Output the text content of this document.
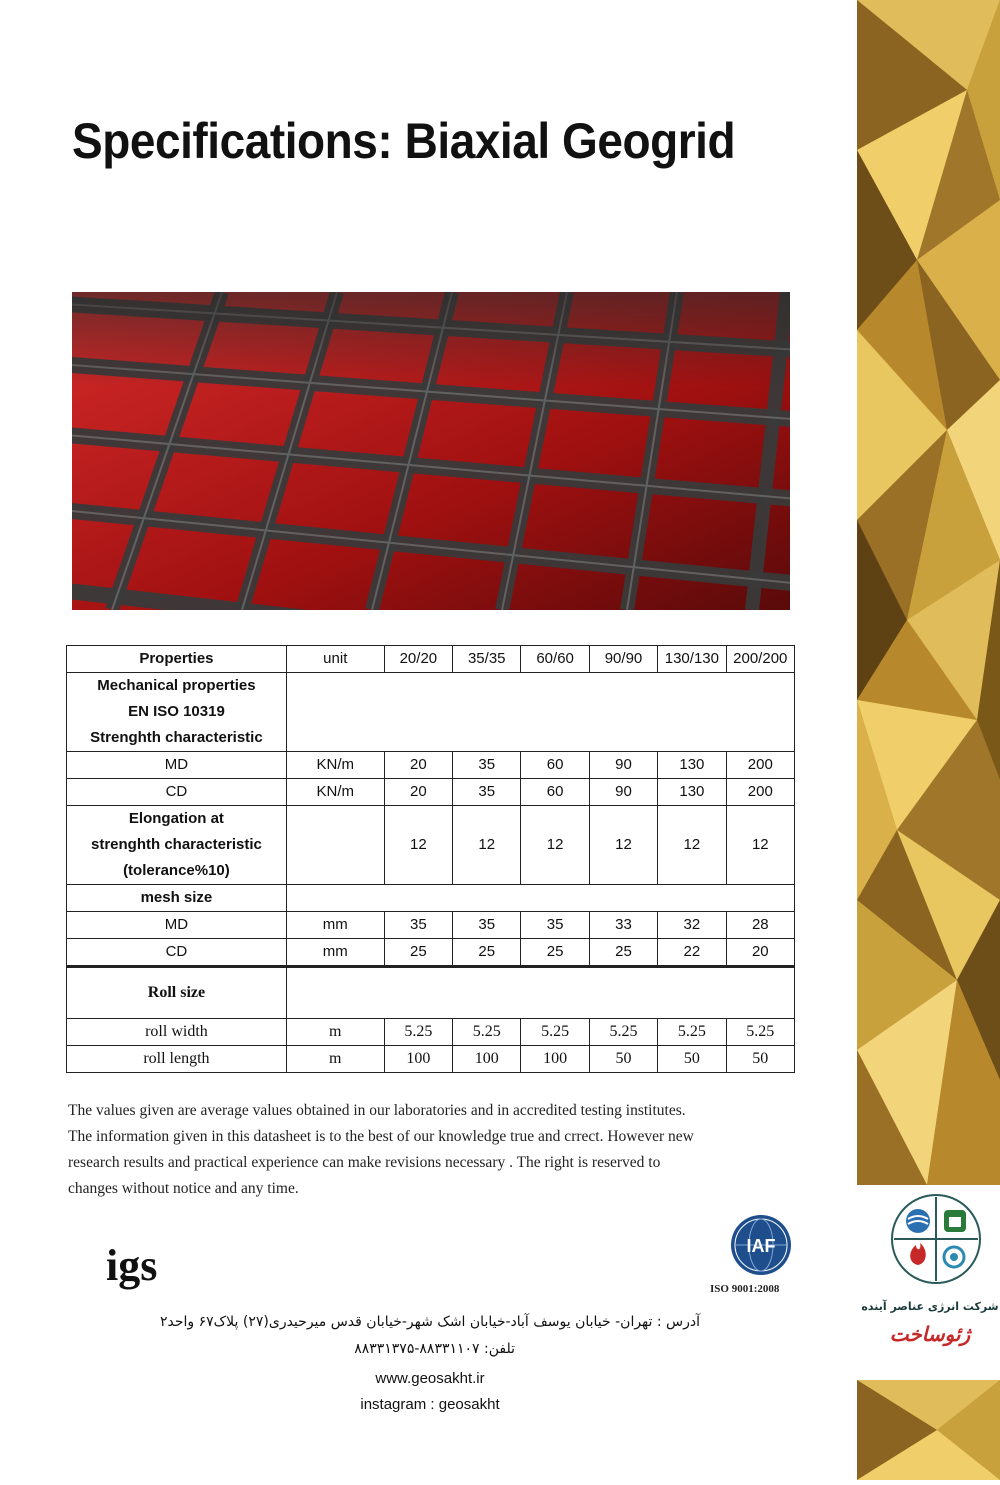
Specifications: Biaxial Geogrid
Properties	unit	20/20	35/35	60/60	90/90	130/130	200/200

Mechanical properties
EN ISO 10319
Strenghth characteristic							

MD	KN/m	20	35	60	90	130	200
CD	KN/m	20	35	60	90	130	200

Elongation at
strenghth characteristic
(tolerance%10)		12	12	12	12	12	12
mesh size							
MD	mm	35	35	35	33	32	28
CD	mm	25	25	25	25	22	20
Roll size							
roll width	m	5.25	5.25	5.25	5.25	5.25	5.25
roll length	m	100	100	100	50	50	50
The values given are average values obtained in our laboratories and in accredited testing institutes.
The information given in this datasheet is to the best of our knowledge true and crrect. However new
research results and practical experience can make revisions necessary . The right is reserved to
changes without notice and any time.
igs	IAF
ISO 9001:2008
آدرس : تهران- خیابان یوسف آباد-خیابان اشک شهر-خیابان قدس میرحیدری(۲۷) پلاک۶۷ واحد۲
تلفن: ۸۸۳۳۱۱۰۷-۸۸۳۳۱۳۷۵
www.geosakht.ir
instagram : geosakht
شرکت انرژی عناصر آینده
ژئوساخت
